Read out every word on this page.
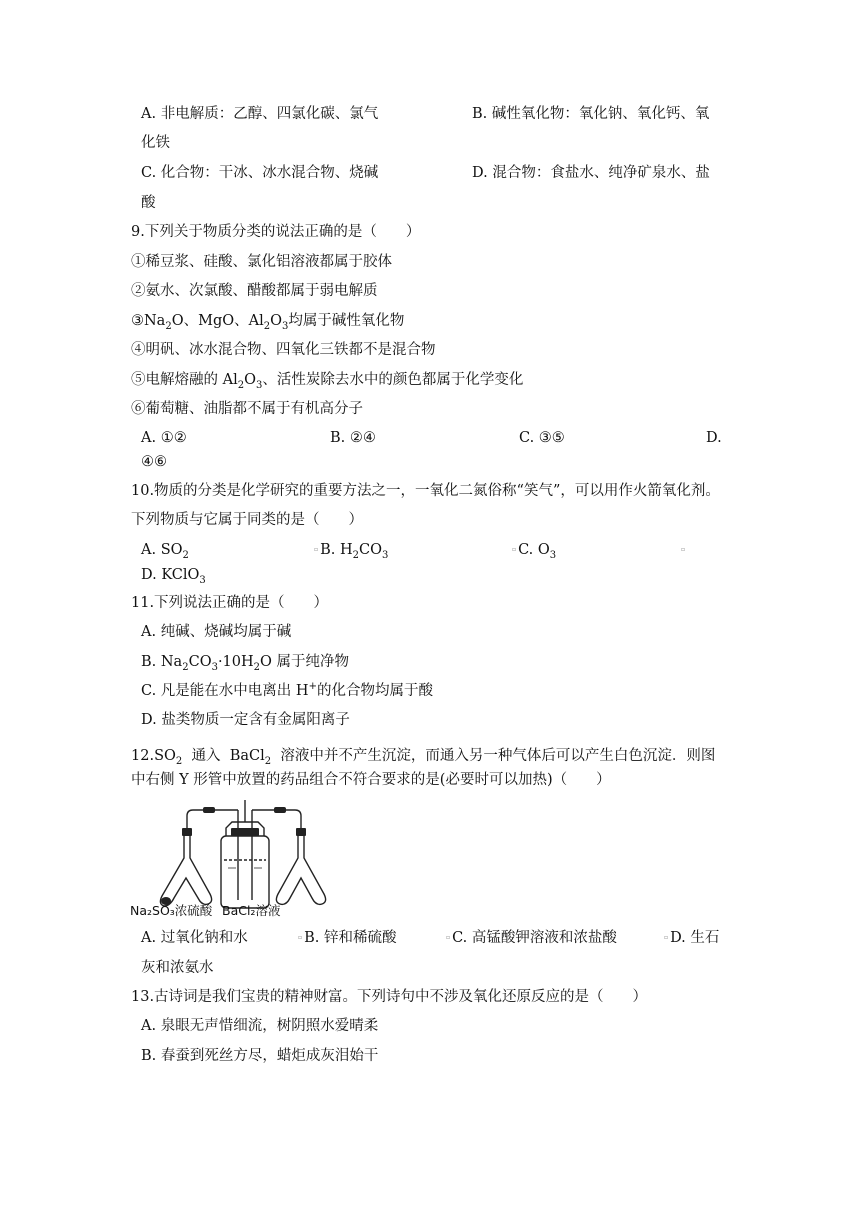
A. 非电解质：乙醇、四氯化碳、氯气	B. 碱性氧化物：氧化钠、氧化钙、氧
化铁
C. 化合物：干冰、冰水混合物、烧碱	D. 混合物：食盐水、纯净矿泉水、盐
酸
9.下列关于物质分类的说法正确的是（　　）
①稀豆浆、硅酸、氯化铝溶液都属于胶体
②氨水、次氯酸、醋酸都属于弱电解质
$③Na_2O$、MgO、$Al_2O_3$均属于碱性氧化物
④明矾、冰水混合物、四氧化三铁都不是混合物
⑤电解熔融的 $Al_2O_3$、活性炭除去水中的颜色都属于化学变化
⑥葡萄糖、油脂都不属于有机高分子
A. ①②	B. ②④	C. ③⑤	D.
④⑥
10.物质的分类是化学研究的重要方法之一，一氧化二氮俗称“笑气”，可以用作火箭氧化剂。
下列物质与它属于同类的是（　　）
A. $SO_2$
▫ B. $H_2CO_3$
▫ C. $O_3$
▫
D. KClO$_3$
11.下列说法正确的是（　　）
A. 纯碱、烧碱均属于碱
B. $Na_2CO_3\cdot 10H_2O$ 属于纯净物
C. 凡是能在水中电离出 H+的化合物均属于酸
D. 盐类物质一定含有金属阳离子
$12.SO_2$ 通入 BaCl$_2$ 溶液中并不产生沉淀，而通入另一种气体后可以产生白色沉淀．则图
中右侧 Y 形管中放置的药品组合不符合要求的是(必要时可以加热)（　　）
Na₂SO₃浓硫酸 BaCl₂溶液
A. 过氧化钠和水	▫ B. 锌和稀硫酸	▫ C. 高锰酸钾溶液和浓盐酸	▫ D. 生石
灰和浓氨水
13.古诗词是我们宝贵的精神财富。下列诗句中不涉及氧化还原反应的是（　　）
A. 泉眼无声惜细流，树阴照水爱晴柔
B. 春蚕到死丝方尽，蜡炬成灰泪始干
